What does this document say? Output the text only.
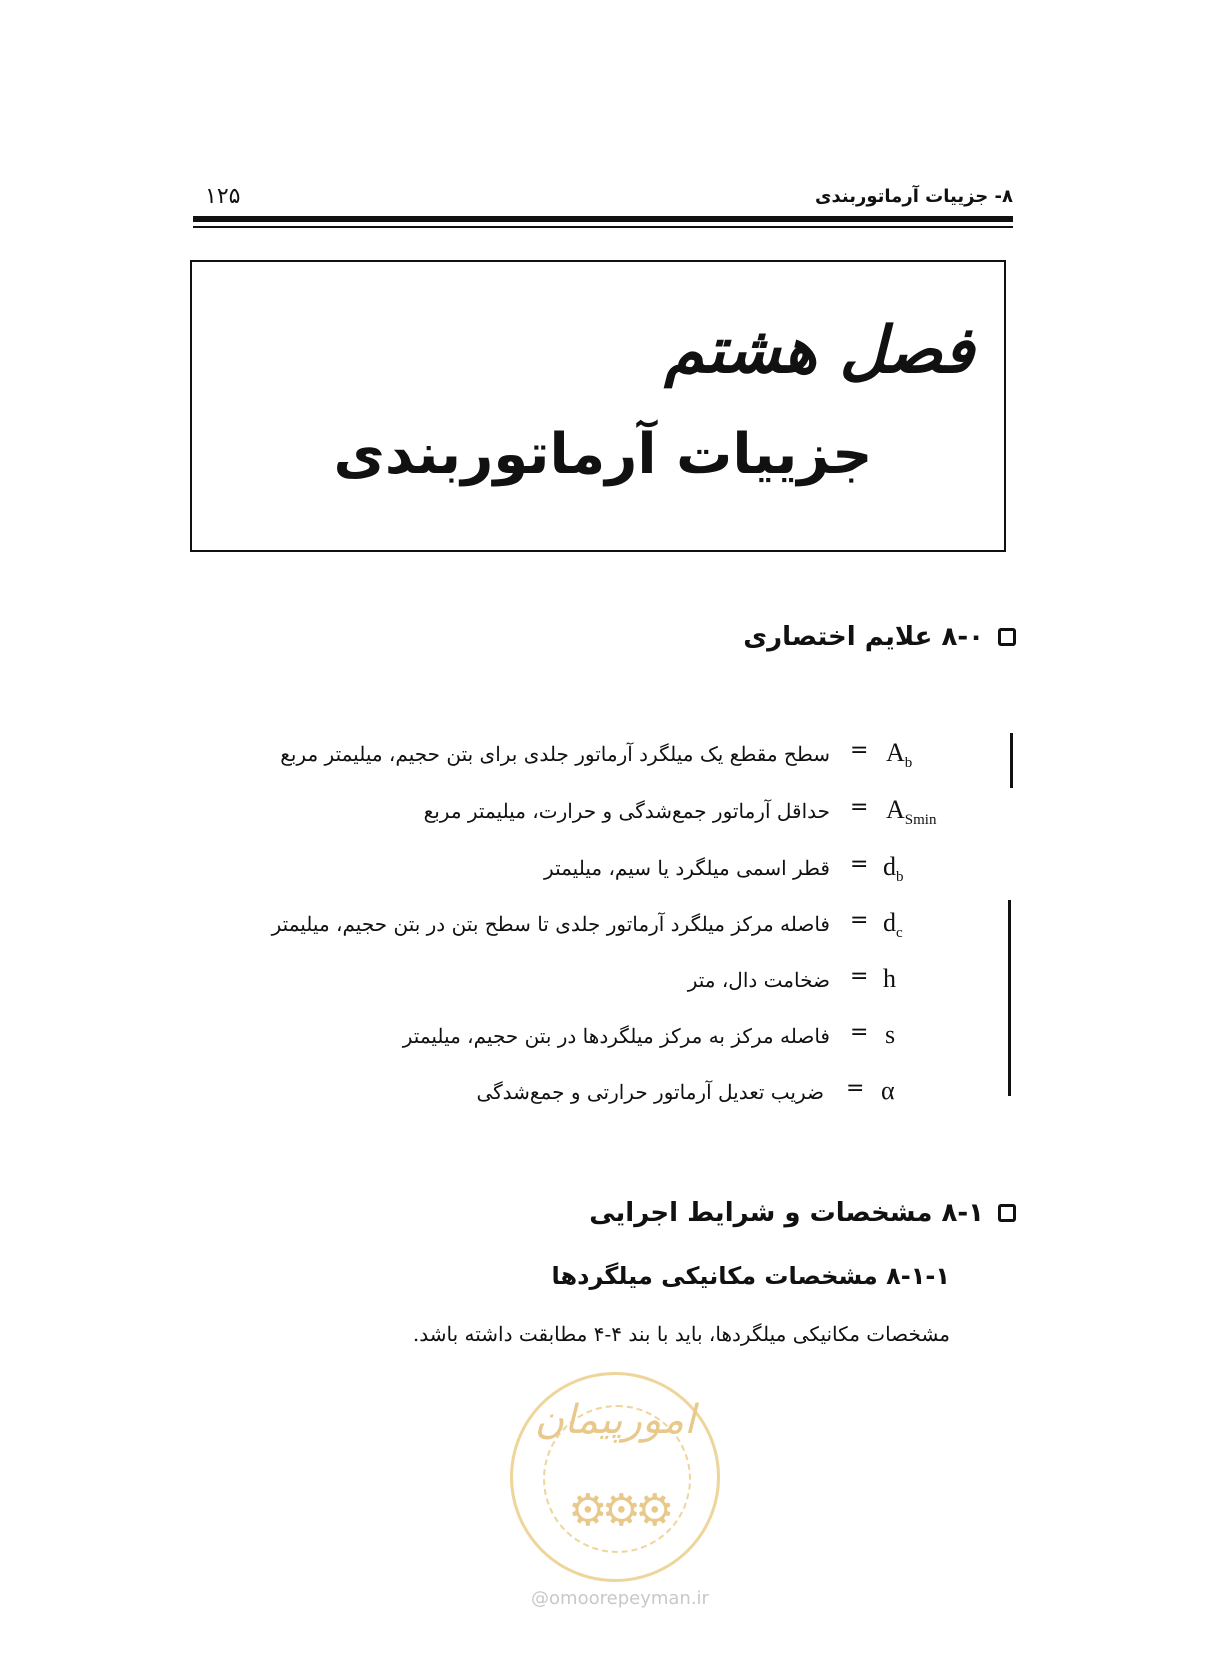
۱۲۵	۸- جزییات آرماتوربندی
فصل هشتم
جزییات آرماتوربندی
۸-۰ علایم اختصاری
$A_b$
=
سطح مقطع یک میلگرد آرماتور جلدی برای بتن حجیم، میلیمتر مربع
$A_{Smin}$
=
حداقل آرماتور جمع‌شدگی و حرارت، میلیمتر مربع
$d_b$
=
قطر اسمی میلگرد یا سیم، میلیمتر
$d_c$
=
فاصله مرکز میلگرد آرماتور جلدی تا سطح بتن در بتن حجیم، میلیمتر
h
=
ضخامت دال، متر
s
=
فاصله مرکز به مرکز میلگردها در بتن حجیم، میلیمتر
α
=
ضریب تعدیل آرماتور حرارتی و جمع‌شدگی
۸-۱ مشخصات و شرایط اجرایی
۸-۱-۱ مشخصات مکانیکی میلگردها
مشخصات مکانیکی میلگردها، باید با بند ۴-۴ مطابقت داشته باشد.
امورپیمان
⚙⚙⚙
@omoorepeyman.ir
